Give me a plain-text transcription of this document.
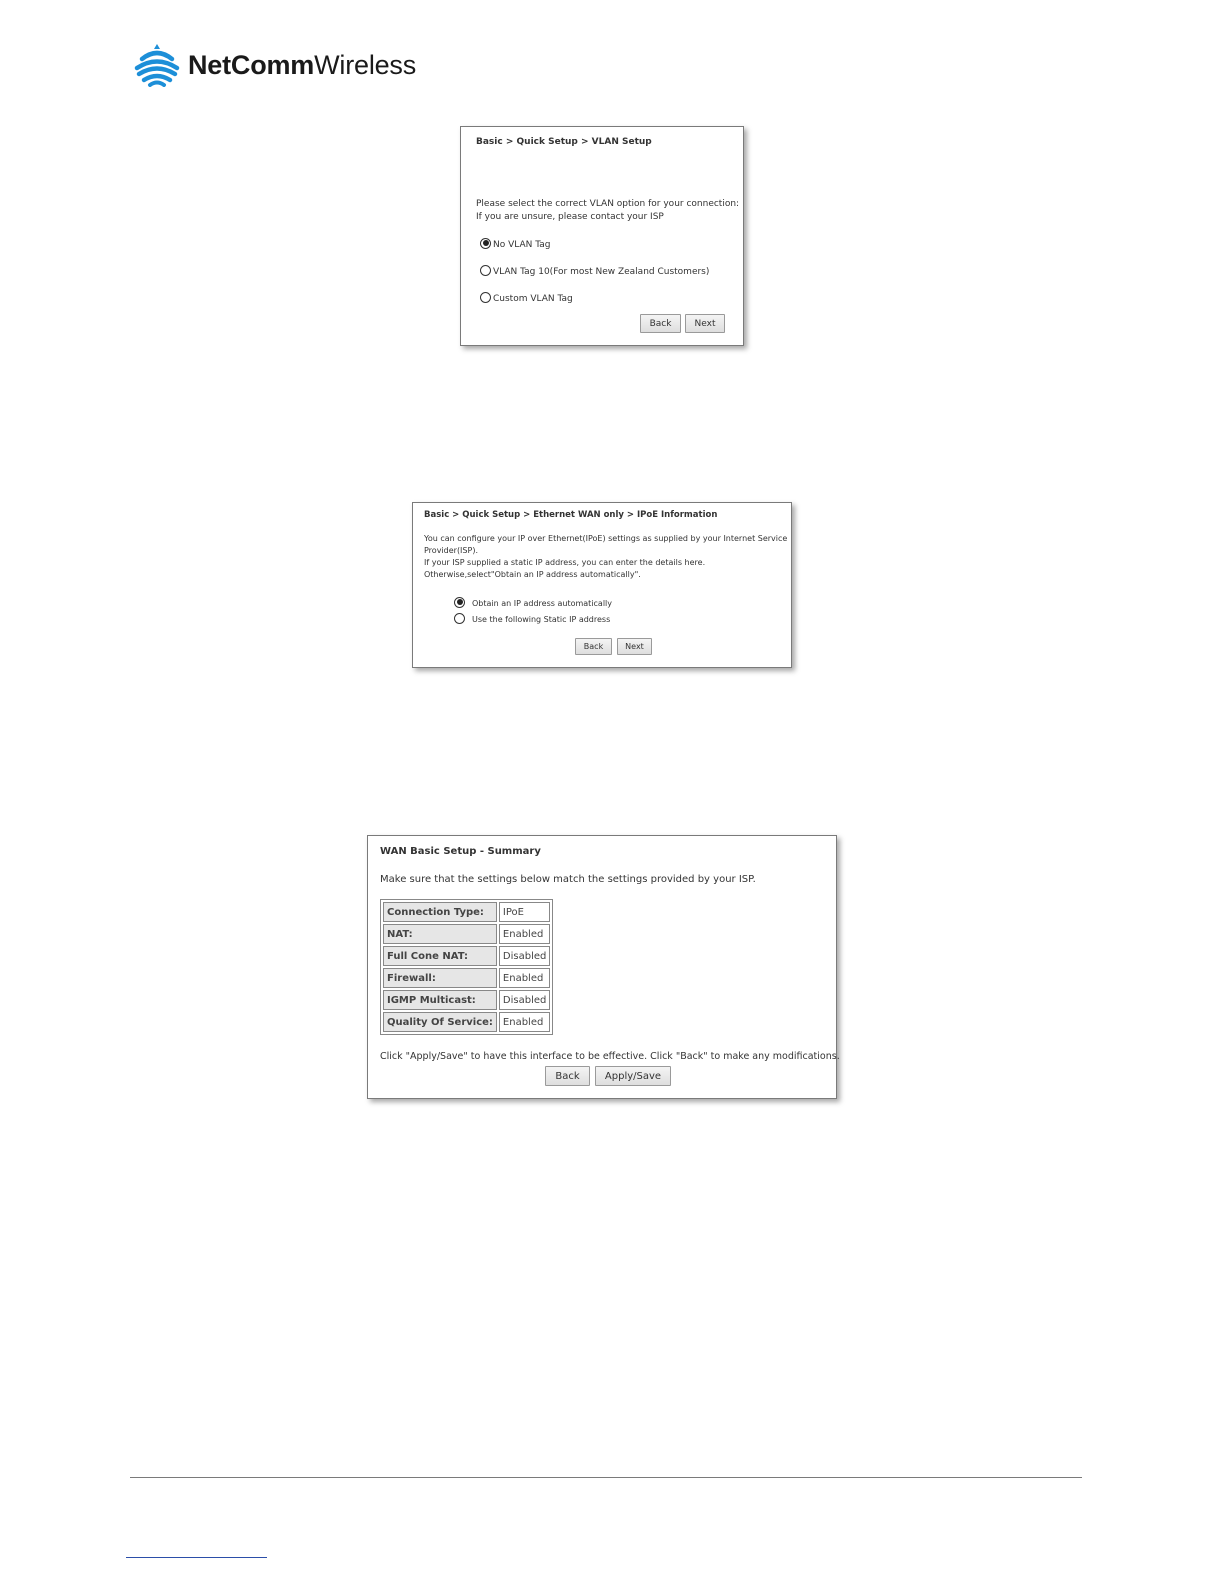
NetCommWireless
Basic > Quick Setup > VLAN Setup
Please select the correct VLAN option for your connection:
If you are unsure, please contact your ISP
No VLAN Tag
VLAN Tag 10(For most New Zealand Customers)
Custom VLAN Tag
Back	Next
Basic > Quick Setup > Ethernet WAN only > IPoE Information
You can configure your IP over Ethernet(IPoE) settings as supplied by your Internet Service
Provider(ISP).
If your ISP supplied a static IP address, you can enter the details here.
Otherwise,select"Obtain an IP address automatically".
Obtain an IP address automatically
Use the following Static IP address
Back	Next
WAN Basic Setup - Summary
Make sure that the settings below match the settings provided by your ISP.
Connection Type:	IPoE
NAT:	Enabled
Full Cone NAT:	Disabled
Firewall:	Enabled
IGMP Multicast:	Disabled
Quality Of Service:	Enabled
Click "Apply/Save" to have this interface to be effective. Click "Back" to make any modifications.
Back	Apply/Save
